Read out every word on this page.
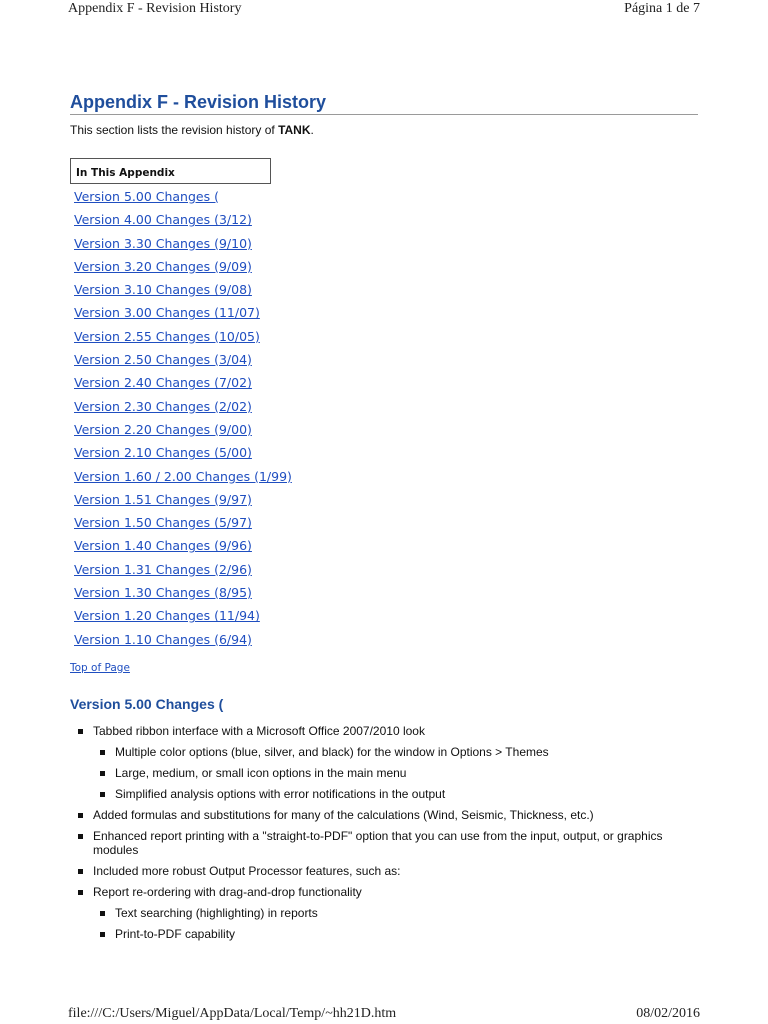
Appendix F - Revision History	Página 1 de 7
Appendix F - Revision History

This section lists the revision history of TANK.

In This Appendix
Version 5.00 Changes (
Version 4.00 Changes (3/12)
Version 3.30 Changes (9/10)
Version 3.20 Changes (9/09)
Version 3.10 Changes (9/08)
Version 3.00 Changes (11/07)
Version 2.55 Changes (10/05)
Version 2.50 Changes (3/04)
Version 2.40 Changes (7/02)
Version 2.30 Changes (2/02)
Version 2.20 Changes (9/00)
Version 2.10 Changes (5/00)
Version 1.60 / 2.00 Changes (1/99)
Version 1.51 Changes (9/97)
Version 1.50 Changes (5/97)
Version 1.40 Changes (9/96)
Version 1.31 Changes (2/96)
Version 1.30 Changes (8/95)
Version 1.20 Changes (11/94)
Version 1.10 Changes (6/94)
Top of Page
Version 5.00 Changes (
Tabbed ribbon interface with a Microsoft Office 2007/2010 look
Multiple color options (blue, silver, and black) for the window in Options > Themes
Large, medium, or small icon options in the main menu
Simplified analysis options with error notifications in the output
Added formulas and substitutions for many of the calculations (Wind, Seismic, Thickness, etc.)
Enhanced report printing with a "straight-to-PDF" option that you can use from the input, output, or graphics modules
Included more robust Output Processor features, such as:
Report re-ordering with drag-and-drop functionality
Text searching (highlighting) in reports
Print-to-PDF capability
file:///C:/Users/Miguel/AppData/Local/Temp/~hh21D.htm	08/02/2016
